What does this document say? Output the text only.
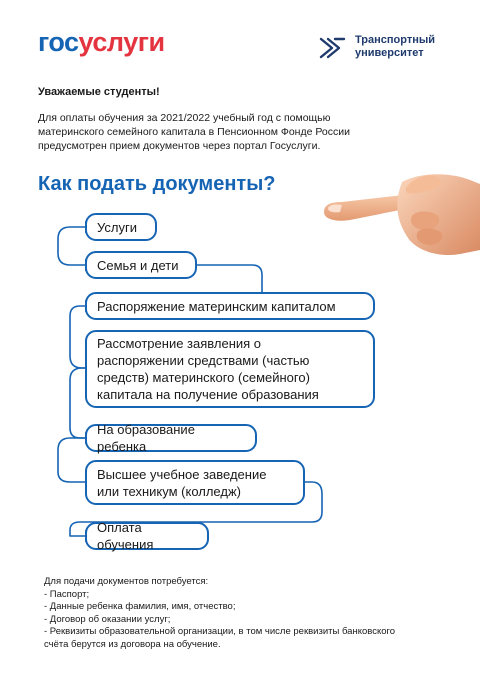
госуслуги	Транспортный
университет
Уважаемые студенты!
Для оплаты обучения за 2021/2022 учебный год с помощью
материнского семейного капитала в Пенсионном Фонде России
предусмотрен прием документов через портал Госуслуги.
Как подать документы?
Услуги
Семья и дети
Распоряжение материнским капиталом
Рассмотрение заявления о
распоряжении средствами (частью
средств) материнского (семейного)
капитала на получение образования
На образование ребенка
Высшее учебное заведение
или техникум (колледж)
Оплата обучения
Для подачи документов потребуется:
- Паспорт;
- Данные ребенка фамилия, имя, отчество;
- Договор об оказании услуг;
- Реквизиты образовательной организации, в том числе реквизиты банковского
счёта берутся из договора на обучение.
